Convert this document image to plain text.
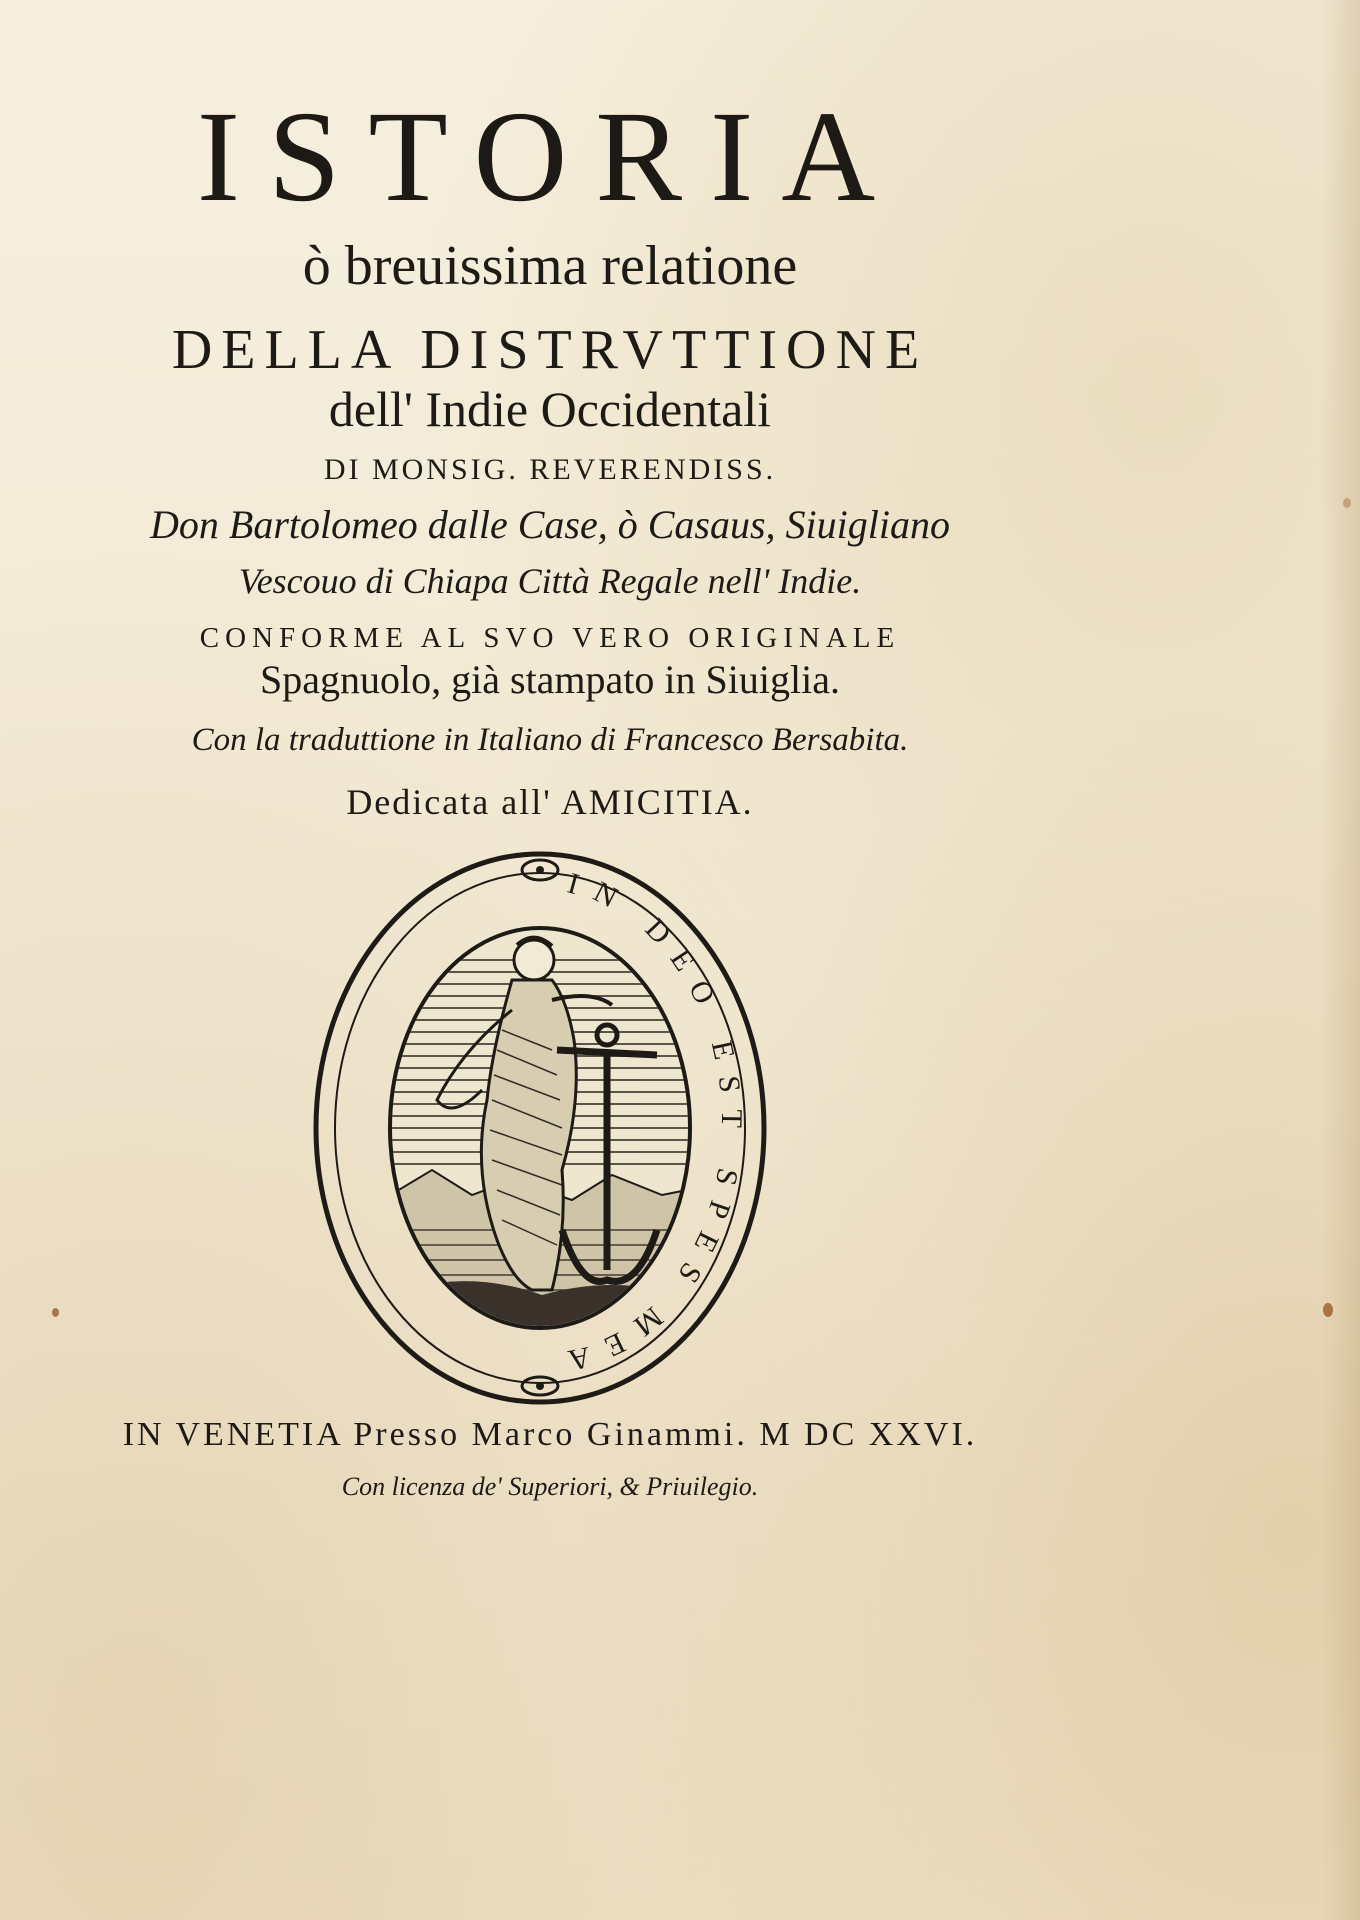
ISTORIA
ò breuissima relatione
DELLA DISTRVTTIONE
dell' Indie Occidentali
DI MONSIG. REVERENDISS.
Don Bartolomeo dalle Case, ò Casaus, Siuigliano
Vescouo di Chiapa Città Regale nell' Indie.
CONFORME AL SVO VERO ORIGINALE
Spagnuolo, già stampato in Siuiglia.
Con la traduttione in Italiano di Francesco Bersabita.
Dedicata all' AMICITIA.
IN DEO EST SPES MEA
IN VENETIA Presso Marco Ginammi. M DC XXVI.
Con licenza de' Superiori, & Priuilegio.
